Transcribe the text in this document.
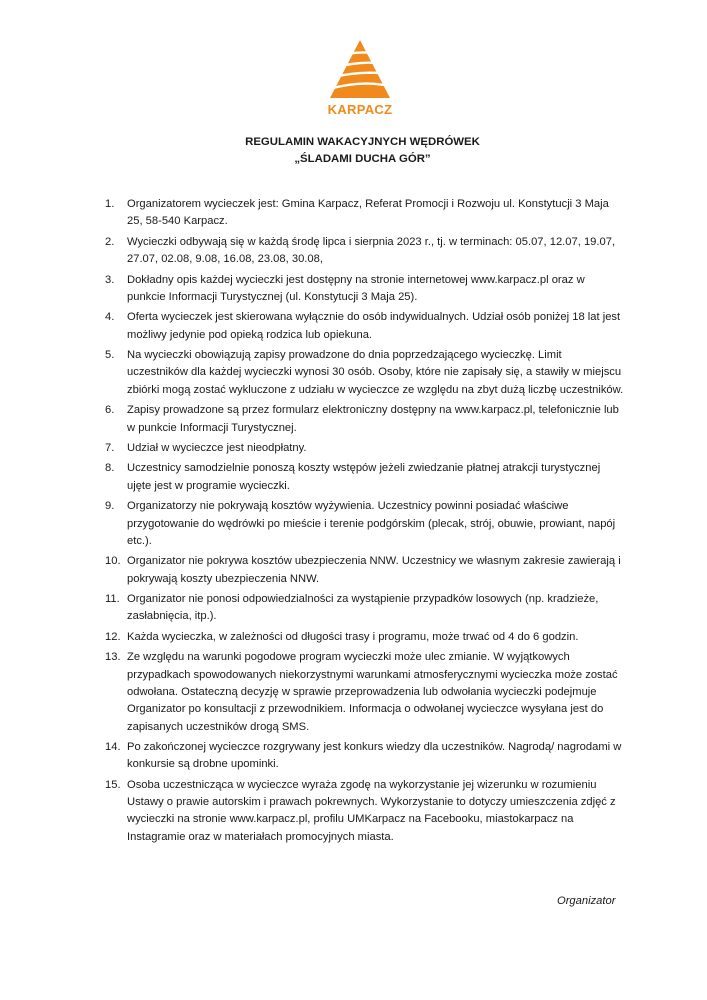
KARPACZ
REGULAMIN WAKACYJNYCH WĘDRÓWEK
„ŚLADAMI DUCHA GÓR”
1. Organizatorem wycieczek jest: Gmina Karpacz, Referat Promocji i Rozwoju ul. Konstytucji 3 Maja 25, 58-540 Karpacz.
2. Wycieczki odbywają się w każdą środę lipca i sierpnia 2023 r., tj. w terminach: 05.07, 12.07, 19.07, 27.07, 02.08, 9.08, 16.08, 23.08, 30.08,
3. Dokładny opis każdej wycieczki jest dostępny na stronie internetowej www.karpacz.pl oraz w punkcie Informacji Turystycznej (ul. Konstytucji 3 Maja 25).
4. Oferta wycieczek jest skierowana wyłącznie do osób indywidualnych. Udział osób poniżej 18 lat jest możliwy jedynie pod opieką rodzica lub opiekuna.
5. Na wycieczki obowiązują zapisy prowadzone do dnia poprzedzającego wycieczkę. Limit uczestników dla każdej wycieczki wynosi 30 osób. Osoby, które nie zapisały się, a stawiły w miejscu zbiórki mogą zostać wykluczone z udziału w wycieczce ze względu na zbyt dużą liczbę uczestników.
6. Zapisy prowadzone są przez formularz elektroniczny dostępny na www.karpacz.pl, telefonicznie lub w punkcie Informacji Turystycznej.
7. Udział w wycieczce jest nieodpłatny.
8. Uczestnicy samodzielnie ponoszą koszty wstępów jeżeli zwiedzanie płatnej atrakcji turystycznej ujęte jest w programie wycieczki.
9. Organizatorzy nie pokrywają kosztów wyżywienia. Uczestnicy powinni posiadać właściwe przygotowanie do wędrówki po mieście i terenie podgórskim (plecak, strój, obuwie, prowiant, napój etc.).
10. Organizator nie pokrywa kosztów ubezpieczenia NNW. Uczestnicy we własnym zakresie zawierają i pokrywają koszty ubezpieczenia NNW.
11. Organizator nie ponosi odpowiedzialności za wystąpienie przypadków losowych (np. kradzieże, zasłabnięcia, itp.).
12. Każda wycieczka, w zależności od długości trasy i programu, może trwać od 4 do 6 godzin.
13. Ze względu na warunki pogodowe program wycieczki może ulec zmianie. W wyjątkowych przypadkach spowodowanych niekorzystnymi warunkami atmosferycznymi wycieczka może zostać odwołana. Ostateczną decyzję w sprawie przeprowadzenia lub odwołania wycieczki podejmuje Organizator po konsultacji z przewodnikiem. Informacja o odwołanej wycieczce wysyłana jest do zapisanych uczestników drogą SMS.
14. Po zakończonej wycieczce rozgrywany jest konkurs wiedzy dla uczestników. Nagrodą/ nagrodami w konkursie są drobne upominki.
15. Osoba uczestnicząca w wycieczce wyraża zgodę na wykorzystanie jej wizerunku w rozumieniu Ustawy o prawie autorskim i prawach pokrewnych. Wykorzystanie to dotyczy umieszczenia zdjęć z wycieczki na stronie www.karpacz.pl, profilu UMKarpacz na Facebooku, miastokarpacz na Instagramie oraz w materiałach promocyjnych miasta.
Organizator
